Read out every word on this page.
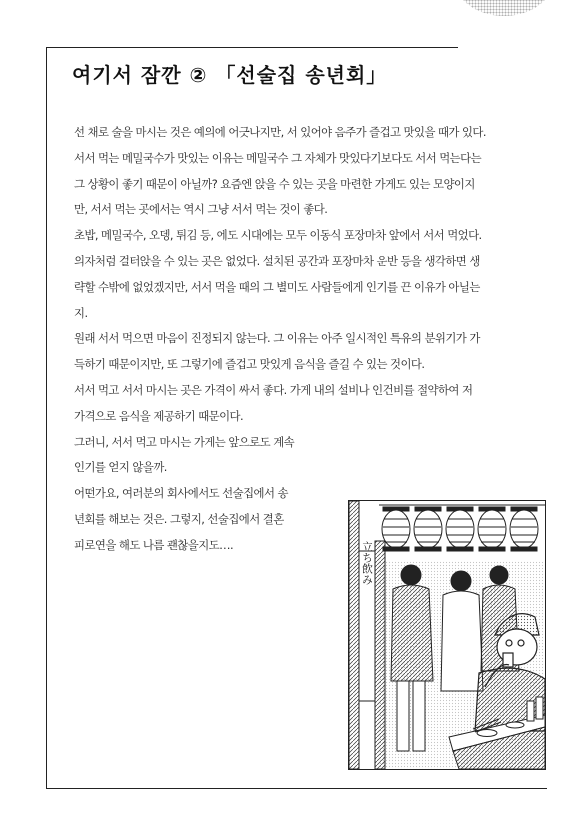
여기서 잠깐 ② 「선술집 송년회」
선 채로 술을 마시는 것은 예의에 어긋나지만, 서 있어야 음주가 즐겁고 맛있을 때가 있다.
서서 먹는 메밀국수가 맛있는 이유는 메밀국수 그 자체가 맛있다기보다도 서서 먹는다는
그 상황이 좋기 때문이 아닐까? 요즘엔 앉을 수 있는 곳을 마련한 가게도 있는 모양이지
만, 서서 먹는 곳에서는 역시 그냥 서서 먹는 것이 좋다.
초밥, 메밀국수, 오뎅, 튀김 등, 에도 시대에는 모두 이동식 포장마차 앞에서 서서 먹었다.
의자처럼 걸터앉을 수 있는 곳은 없었다. 설치된 공간과 포장마차 운반 등을 생각하면 생
략할 수밖에 없었겠지만, 서서 먹을 때의 그 별미도 사람들에게 인기를 끈 이유가 아닐는
지.
원래 서서 먹으면 마음이 진정되지 않는다. 그 이유는 아주 일시적인 특유의 분위기가 가
득하기 때문이지만, 또 그렇기에 즐겁고 맛있게 음식을 즐길 수 있는 것이다.
서서 먹고 서서 마시는 곳은 가격이 싸서 좋다. 가게 내의 설비나 인건비를 절약하여 저
가격으로 음식을 제공하기 때문이다.
그러니, 서서 먹고 마시는 가게는 앞으로도 계속
인기를 얻지 않을까.
어떤가요, 여러분의 회사에서도 선술집에서 송
년회를 해보는 것은. 그렇지, 선술집에서 결혼
피로연을 해도 나름 괜찮을지도….	立ち飲み
